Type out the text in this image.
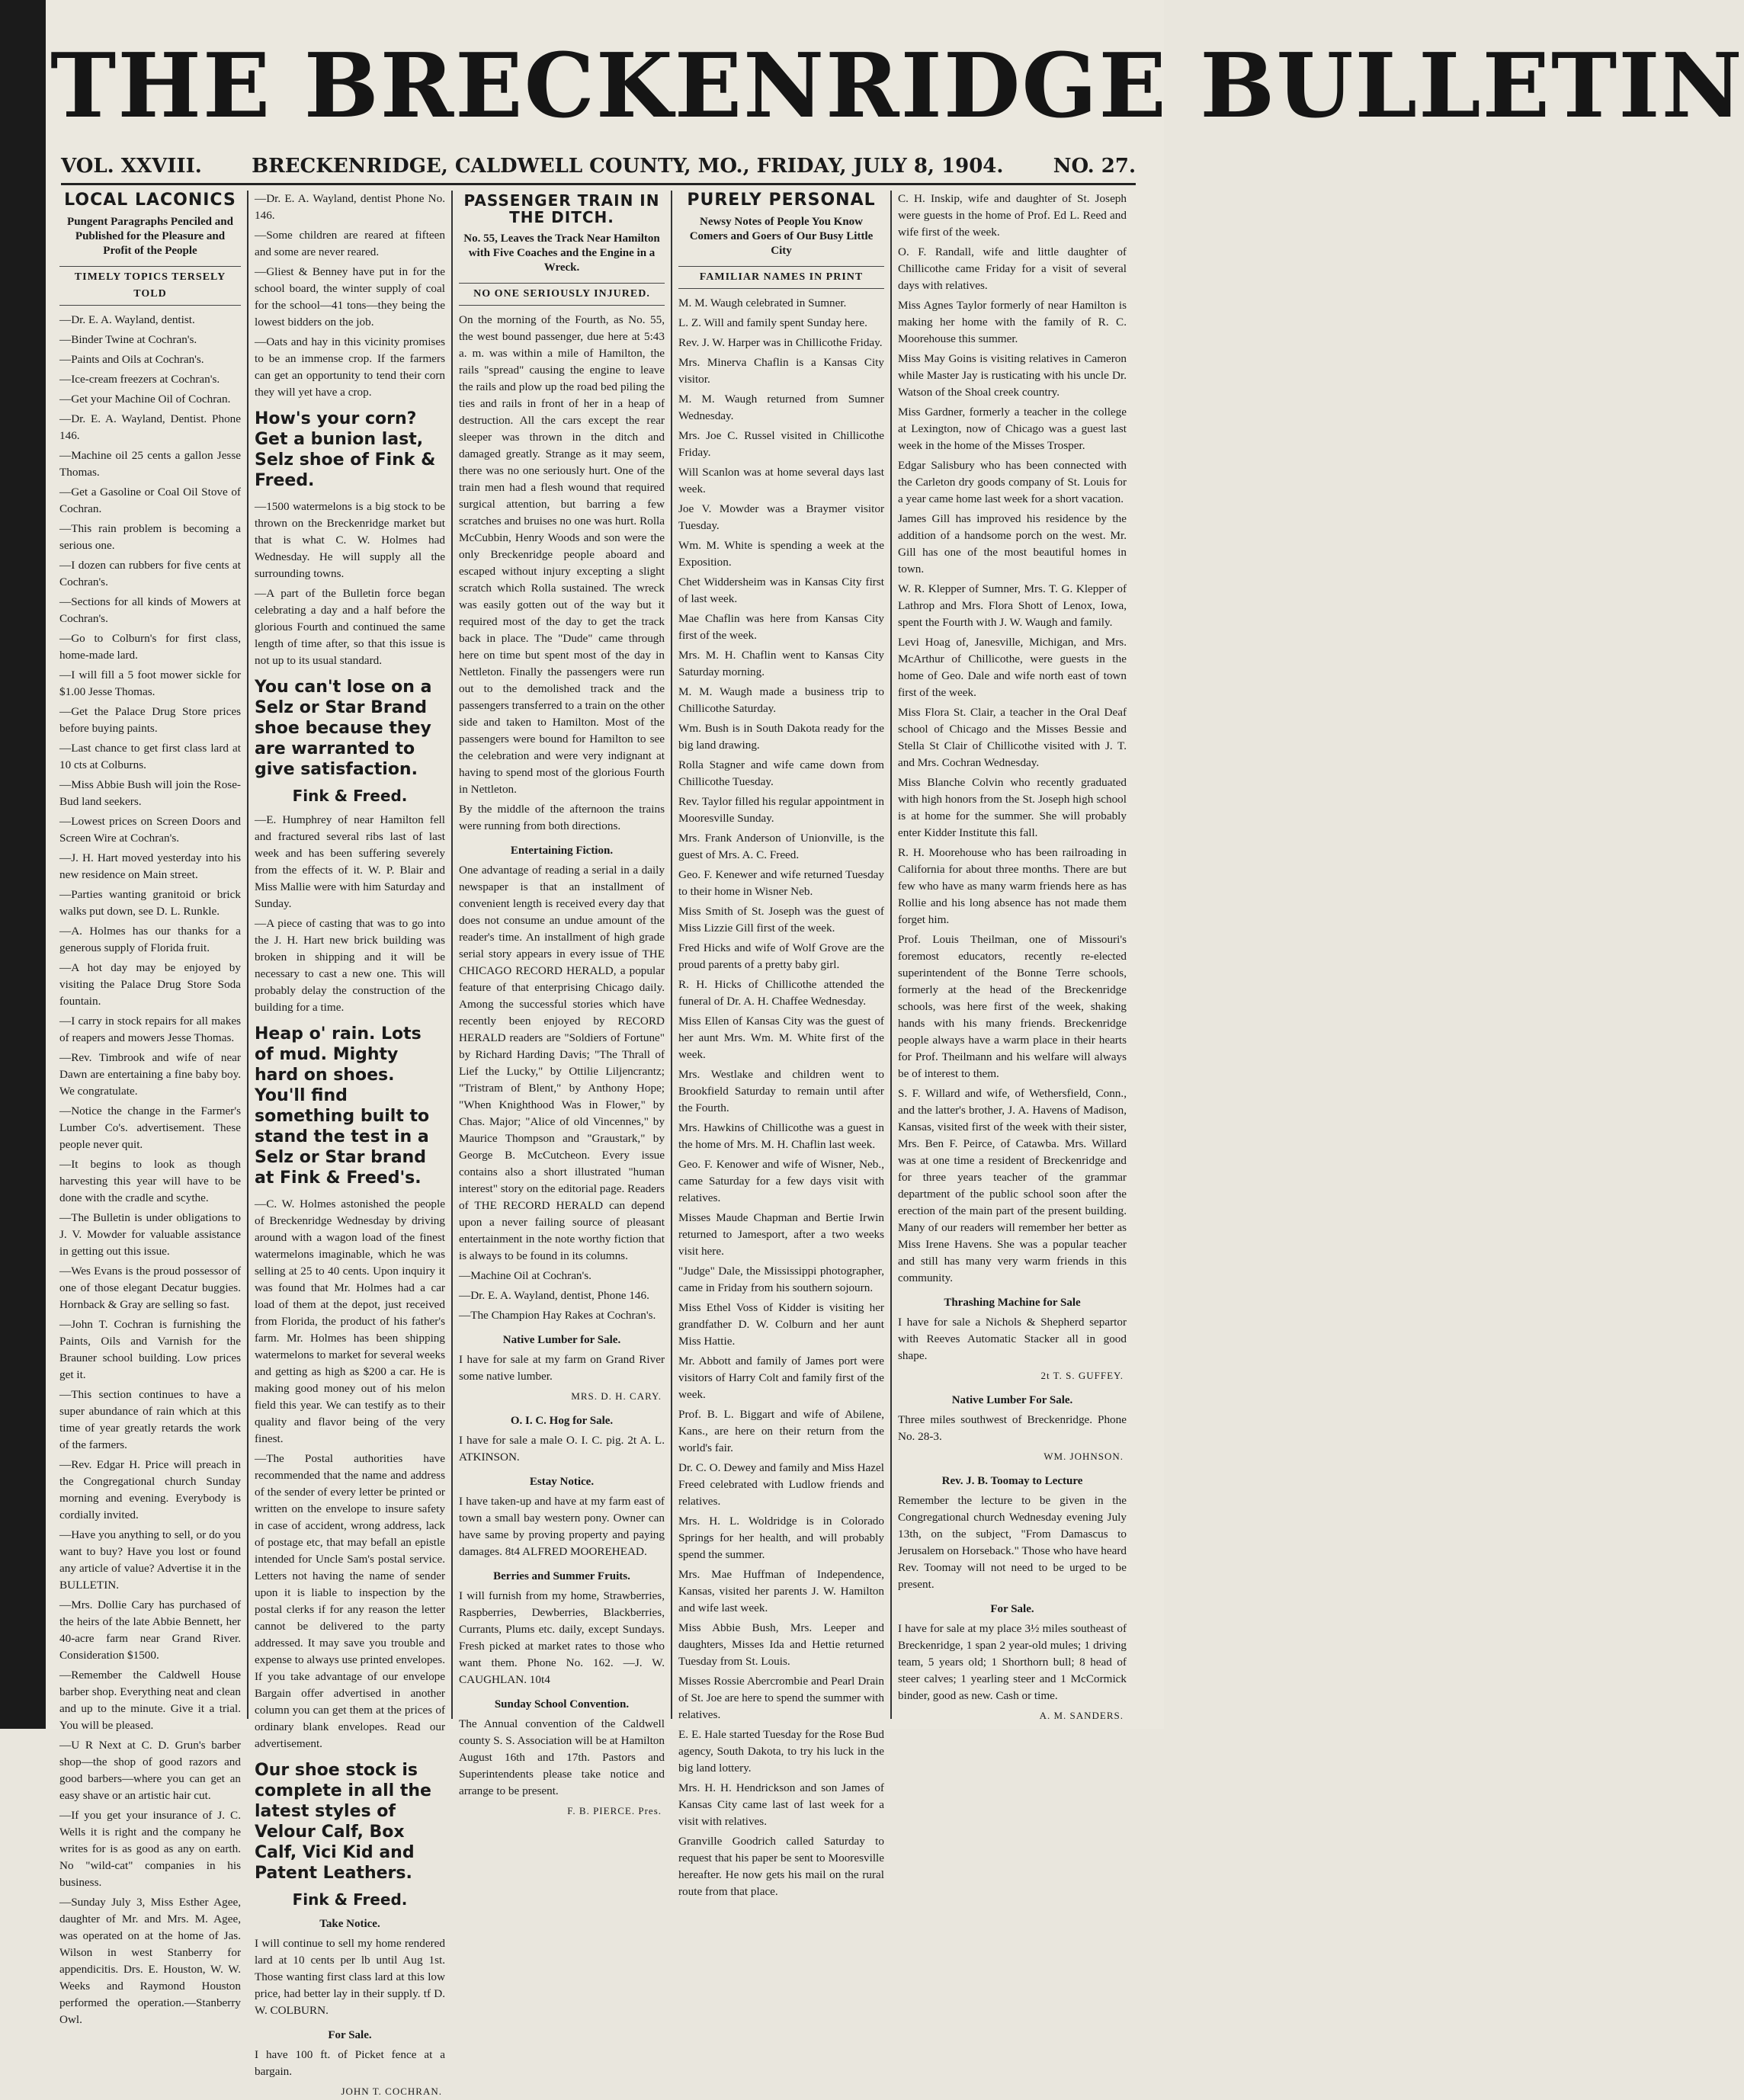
THE BRECKENRIDGE BULLETIN
VOL. XXVIII.	BRECKENRIDGE, CALDWELL COUNTY, MO., FRIDAY, JULY 8, 1904.	NO. 27.
LOCAL LACONICS
Pungent Paragraphs Penciled and Published for the Pleasure and Profit of the People
TIMELY TOPICS TERSELY TOLD
—Dr. E. A. Wayland, dentist.
—Binder Twine at Cochran's.
—Paints and Oils at Cochran's.
—Ice-cream freezers at Cochran's.
—Get your Machine Oil of Cochran.
—Dr. E. A. Wayland, Dentist. Phone 146.
—Machine oil 25 cents a gallon Jesse Thomas.
—Get a Gasoline or Coal Oil Stove of Cochran.
—This rain problem is becoming a serious one.
—I dozen can rubbers for five cents at Cochran's.
—Sections for all kinds of Mowers at Cochran's.
—Go to Colburn's for first class, home-made lard.
—I will fill a 5 foot mower sickle for $1.00 Jesse Thomas.
—Get the Palace Drug Store prices before buying paints.
—Last chance to get first class lard at 10 cts at Colburns.
—Miss Abbie Bush will join the Rose-Bud land seekers.
—Lowest prices on Screen Doors and Screen Wire at Cochran's.
—J. H. Hart moved yesterday into his new residence on Main street.
—Parties wanting granitoid or brick walks put down, see D. L. Runkle.
—A. Holmes has our thanks for a generous supply of Florida fruit.
—A hot day may be enjoyed by visiting the Palace Drug Store Soda fountain.
—I carry in stock repairs for all makes of reapers and mowers Jesse Thomas.
—Rev. Timbrook and wife of near Dawn are entertaining a fine baby boy. We congratulate.
—Notice the change in the Farmer's Lumber Co's. advertisement. These people never quit.
—It begins to look as though harvesting this year will have to be done with the cradle and scythe.
—The Bulletin is under obligations to J. V. Mowder for valuable assistance in getting out this issue.
—Wes Evans is the proud possessor of one of those elegant Decatur buggies. Hornback & Gray are selling so fast.
—John T. Cochran is furnishing the Paints, Oils and Varnish for the Brauner school building. Low prices get it.
—This section continues to have a super abundance of rain which at this time of year greatly retards the work of the farmers.
—Rev. Edgar H. Price will preach in the Congregational church Sunday morning and evening. Everybody is cordially invited.
—Have you anything to sell, or do you want to buy? Have you lost or found any article of value? Advertise it in the BULLETIN.
—Mrs. Dollie Cary has purchased of the heirs of the late Abbie Bennett, her 40-acre farm near Grand River. Consideration $1500.
—Remember the Caldwell House barber shop. Everything neat and clean and up to the minute. Give it a trial. You will be pleased.
—U R Next at C. D. Grun's barber shop—the shop of good razors and good barbers—where you can get an easy shave or an artistic hair cut.
—If you get your insurance of J. C. Wells it is right and the company he writes for is as good as any on earth. No "wild-cat" companies in his business.
—Sunday July 3, Miss Esther Agee, daughter of Mr. and Mrs. M. Agee, was operated on at the home of Jas. Wilson in west Stanberry for appendicitis. Drs. E. Houston, W. W. Weeks and Raymond Houston performed the operation.—Stanberry Owl.
—Dr. E. A. Wayland, dentist Phone No. 146.
—Some children are reared at fifteen and some are never reared.
—Gliest & Benney have put in for the school board, the winter supply of coal for the school—41 tons—they being the lowest bidders on the job.
—Oats and hay in this vicinity promises to be an immense crop. If the farmers can get an opportunity to tend their corn they will yet have a crop.
How's your corn? Get a bunion last, Selz shoe of Fink & Freed.
—1500 watermelons is a big stock to be thrown on the Breckenridge market but that is what C. W. Holmes had Wednesday. He will supply all the surrounding towns.
—A part of the Bulletin force began celebrating a day and a half before the glorious Fourth and continued the same length of time after, so that this issue is not up to its usual standard.
You can't lose on a Selz or Star Brand shoe because they are warranted to give satisfaction.
Fink & Freed.
—E. Humphrey of near Hamilton fell and fractured several ribs last of last week and has been suffering severely from the effects of it. W. P. Blair and Miss Mallie were with him Saturday and Sunday.
—A piece of casting that was to go into the J. H. Hart new brick building was broken in shipping and it will be necessary to cast a new one. This will probably delay the construction of the building for a time.
Heap o' rain. Lots of mud. Mighty hard on shoes. You'll find something built to stand the test in a Selz or Star brand at Fink & Freed's.
—C. W. Holmes astonished the people of Breckenridge Wednesday by driving around with a wagon load of the finest watermelons imaginable, which he was selling at 25 to 40 cents. Upon inquiry it was found that Mr. Holmes had a car load of them at the depot, just received from Florida, the product of his father's farm. Mr. Holmes has been shipping watermelons to market for several weeks and getting as high as $200 a car. He is making good money out of his melon field this year. We can testify as to their quality and flavor being of the very finest.
—The Postal authorities have recommended that the name and address of the sender of every letter be printed or written on the envelope to insure safety in case of accident, wrong address, lack of postage etc, that may befall an epistle intended for Uncle Sam's postal service. Letters not having the name of sender upon it is liable to inspection by the postal clerks if for any reason the letter cannot be delivered to the party addressed. It may save you trouble and expense to always use printed envelopes. If you take advantage of our envelope Bargain offer advertised in another column you can get them at the prices of ordinary blank envelopes. Read our advertisement.
Our shoe stock is complete in all the latest styles of Velour Calf, Box Calf, Vici Kid and Patent Leathers.
Fink & Freed.
Take Notice.
I will continue to sell my home rendered lard at 10 cents per lb until Aug 1st. Those wanting first class lard at this low price, had better lay in their supply. tf D. W. COLBURN.
For Sale.
I have 100 ft. of Picket fence at a bargain.
JOHN T. COCHRAN.
PASSENGER TRAIN IN THE DITCH.
No. 55, Leaves the Track Near Hamilton with Five Coaches and the Engine in a Wreck.
NO ONE SERIOUSLY INJURED.
On the morning of the Fourth, as No. 55, the west bound passenger, due here at 5:43 a. m. was within a mile of Hamilton, the rails "spread" causing the engine to leave the rails and plow up the road bed piling the ties and rails in front of her in a heap of destruction. All the cars except the rear sleeper was thrown in the ditch and damaged greatly. Strange as it may seem, there was no one seriously hurt. One of the train men had a flesh wound that required surgical attention, but barring a few scratches and bruises no one was hurt. Rolla McCubbin, Henry Woods and son were the only Breckenridge people aboard and escaped without injury excepting a slight scratch which Rolla sustained. The wreck was easily gotten out of the way but it required most of the day to get the track back in place. The "Dude" came through here on time but spent most of the day in Nettleton. Finally the passengers were run out to the demolished track and the passengers transferred to a train on the other side and taken to Hamilton. Most of the passengers were bound for Hamilton to see the celebration and were very indignant at having to spend most of the glorious Fourth in Nettleton.
By the middle of the afternoon the trains were running from both directions.
Entertaining Fiction.
One advantage of reading a serial in a daily newspaper is that an installment of convenient length is received every day that does not consume an undue amount of the reader's time. An installment of high grade serial story appears in every issue of THE CHICAGO RECORD HERALD, a popular feature of that enterprising Chicago daily. Among the successful stories which have recently been enjoyed by RECORD HERALD readers are "Soldiers of Fortune" by Richard Harding Davis; "The Thrall of Lief the Lucky," by Ottilie Liljencrantz; "Tristram of Blent," by Anthony Hope; "When Knighthood Was in Flower," by Chas. Major; "Alice of old Vincennes," by Maurice Thompson and "Graustark," by George B. McCutcheon. Every issue contains also a short illustrated "human interest" story on the editorial page. Readers of THE RECORD HERALD can depend upon a never failing source of pleasant entertainment in the note worthy fiction that is always to be found in its columns.
—Machine Oil at Cochran's.
—Dr. E. A. Wayland, dentist, Phone 146.
—The Champion Hay Rakes at Cochran's.
Native Lumber for Sale.
I have for sale at my farm on Grand River some native lumber.
MRS. D. H. CARY.
O. I. C. Hog for Sale.
I have for sale a male O. I. C. pig. 2t A. L. ATKINSON.
Estay Notice.
I have taken-up and have at my farm east of town a small bay western pony. Owner can have same by proving property and paying damages. 8t4 ALFRED MOOREHEAD.
Berries and Summer Fruits.
I will furnish from my home, Strawberries, Raspberries, Dewberries, Blackberries, Currants, Plums etc. daily, except Sundays. Fresh picked at market rates to those who want them. Phone No. 162. —J. W. CAUGHLAN. 10t4
Sunday School Convention.
The Annual convention of the Caldwell county S. S. Association will be at Hamilton August 16th and 17th. Pastors and Superintendents please take notice and arrange to be present.
F. B. PIERCE. Pres.
PURELY PERSONAL
Newsy Notes of People You Know Comers and Goers of Our Busy Little City
FAMILIAR NAMES IN PRINT
M. M. Waugh celebrated in Sumner.
L. Z. Will and family spent Sunday here.
Rev. J. W. Harper was in Chillicothe Friday.
Mrs. Minerva Chaflin is a Kansas City visitor.
M. M. Waugh returned from Sumner Wednesday.
Mrs. Joe C. Russel visited in Chillicothe Friday.
Will Scanlon was at home several days last week.
Joe V. Mowder was a Braymer visitor Tuesday.
Wm. M. White is spending a week at the Exposition.
Chet Widdersheim was in Kansas City first of last week.
Mae Chaflin was here from Kansas City first of the week.
Mrs. M. H. Chaflin went to Kansas City Saturday morning.
M. M. Waugh made a business trip to Chillicothe Saturday.
Wm. Bush is in South Dakota ready for the big land drawing.
Rolla Stagner and wife came down from Chillicothe Tuesday.
Rev. Taylor filled his regular appointment in Mooresville Sunday.
Mrs. Frank Anderson of Unionville, is the guest of Mrs. A. C. Freed.
Geo. F. Kenewer and wife returned Tuesday to their home in Wisner Neb.
Miss Smith of St. Joseph was the guest of Miss Lizzie Gill first of the week.
Fred Hicks and wife of Wolf Grove are the proud parents of a pretty baby girl.
R. H. Hicks of Chillicothe attended the funeral of Dr. A. H. Chaffee Wednesday.
Miss Ellen of Kansas City was the guest of her aunt Mrs. Wm. M. White first of the week.
Mrs. Westlake and children went to Brookfield Saturday to remain until after the Fourth.
Mrs. Hawkins of Chillicothe was a guest in the home of Mrs. M. H. Chaflin last week.
Geo. F. Kenower and wife of Wisner, Neb., came Saturday for a few days visit with relatives.
Misses Maude Chapman and Bertie Irwin returned to Jamesport, after a two weeks visit here.
"Judge" Dale, the Mississippi photographer, came in Friday from his southern sojourn.
Miss Ethel Voss of Kidder is visiting her grandfather D. W. Colburn and her aunt Miss Hattie.
Mr. Abbott and family of James port were visitors of Harry Colt and family first of the week.
Prof. B. L. Biggart and wife of Abilene, Kans., are here on their return from the world's fair.
Dr. C. O. Dewey and family and Miss Hazel Freed celebrated with Ludlow friends and relatives.
Mrs. H. L. Woldridge is in Colorado Springs for her health, and will probably spend the summer.
Mrs. Mae Huffman of Independence, Kansas, visited her parents J. W. Hamilton and wife last week.
Miss Abbie Bush, Mrs. Leeper and daughters, Misses Ida and Hettie returned Tuesday from St. Louis.
Misses Rossie Abercrombie and Pearl Drain of St. Joe are here to spend the summer with relatives.
E. E. Hale started Tuesday for the Rose Bud agency, South Dakota, to try his luck in the big land lottery.
Mrs. H. H. Hendrickson and son James of Kansas City came last of last week for a visit with relatives.
Granville Goodrich called Saturday to request that his paper be sent to Mooresville hereafter. He now gets his mail on the rural route from that place.
C. H. Inskip, wife and daughter of St. Joseph were guests in the home of Prof. Ed L. Reed and wife first of the week.
O. F. Randall, wife and little daughter of Chillicothe came Friday for a visit of several days with relatives.
Miss Agnes Taylor formerly of near Hamilton is making her home with the family of R. C. Moorehouse this summer.
Miss May Goins is visiting relatives in Cameron while Master Jay is rusticating with his uncle Dr. Watson of the Shoal creek country.
Miss Gardner, formerly a teacher in the college at Lexington, now of Chicago was a guest last week in the home of the Misses Trosper.
Edgar Salisbury who has been connected with the Carleton dry goods company of St. Louis for a year came home last week for a short vacation.
James Gill has improved his residence by the addition of a handsome porch on the west. Mr. Gill has one of the most beautiful homes in town.
W. R. Klepper of Sumner, Mrs. T. G. Klepper of Lathrop and Mrs. Flora Shott of Lenox, Iowa, spent the Fourth with J. W. Waugh and family.
Levi Hoag of, Janesville, Michigan, and Mrs. McArthur of Chillicothe, were guests in the home of Geo. Dale and wife north east of town first of the week.
Miss Flora St. Clair, a teacher in the Oral Deaf school of Chicago and the Misses Bessie and Stella St Clair of Chillicothe visited with J. T. and Mrs. Cochran Wednesday.
Miss Blanche Colvin who recently graduated with high honors from the St. Joseph high school is at home for the summer. She will probably enter Kidder Institute this fall.
R. H. Moorehouse who has been railroading in California for about three months. There are but few who have as many warm friends here as has Rollie and his long absence has not made them forget him.
Prof. Louis Theilman, one of Missouri's foremost educators, recently re-elected superintendent of the Bonne Terre schools, formerly at the head of the Breckenridge schools, was here first of the week, shaking hands with his many friends. Breckenridge people always have a warm place in their hearts for Prof. Theilmann and his welfare will always be of interest to them.
S. F. Willard and wife, of Wethersfield, Conn., and the latter's brother, J. A. Havens of Madison, Kansas, visited first of the week with their sister, Mrs. Ben F. Peirce, of Catawba. Mrs. Willard was at one time a resident of Breckenridge and for three years teacher of the grammar department of the public school soon after the erection of the main part of the present building. Many of our readers will remember her better as Miss Irene Havens. She was a popular teacher and still has many very warm friends in this community.
Thrashing Machine for Sale
I have for sale a Nichols & Shepherd separtor with Reeves Automatic Stacker all in good shape.
2t T. S. GUFFEY.
Native Lumber For Sale.
Three miles southwest of Breckenridge. Phone No. 28-3.
WM. JOHNSON.
Rev. J. B. Toomay to Lecture
Remember the lecture to be given in the Congregational church Wednesday evening July 13th, on the subject, "From Damascus to Jerusalem on Horseback." Those who have heard Rev. Toomay will not need to be urged to be present.
For Sale.
I have for sale at my place 3½ miles southeast of Breckenridge, 1 span 2 year-old mules; 1 driving team, 5 years old; 1 Shorthorn bull; 8 head of steer calves; 1 yearling steer and 1 McCormick binder, good as new. Cash or time.
A. M. SANDERS.
